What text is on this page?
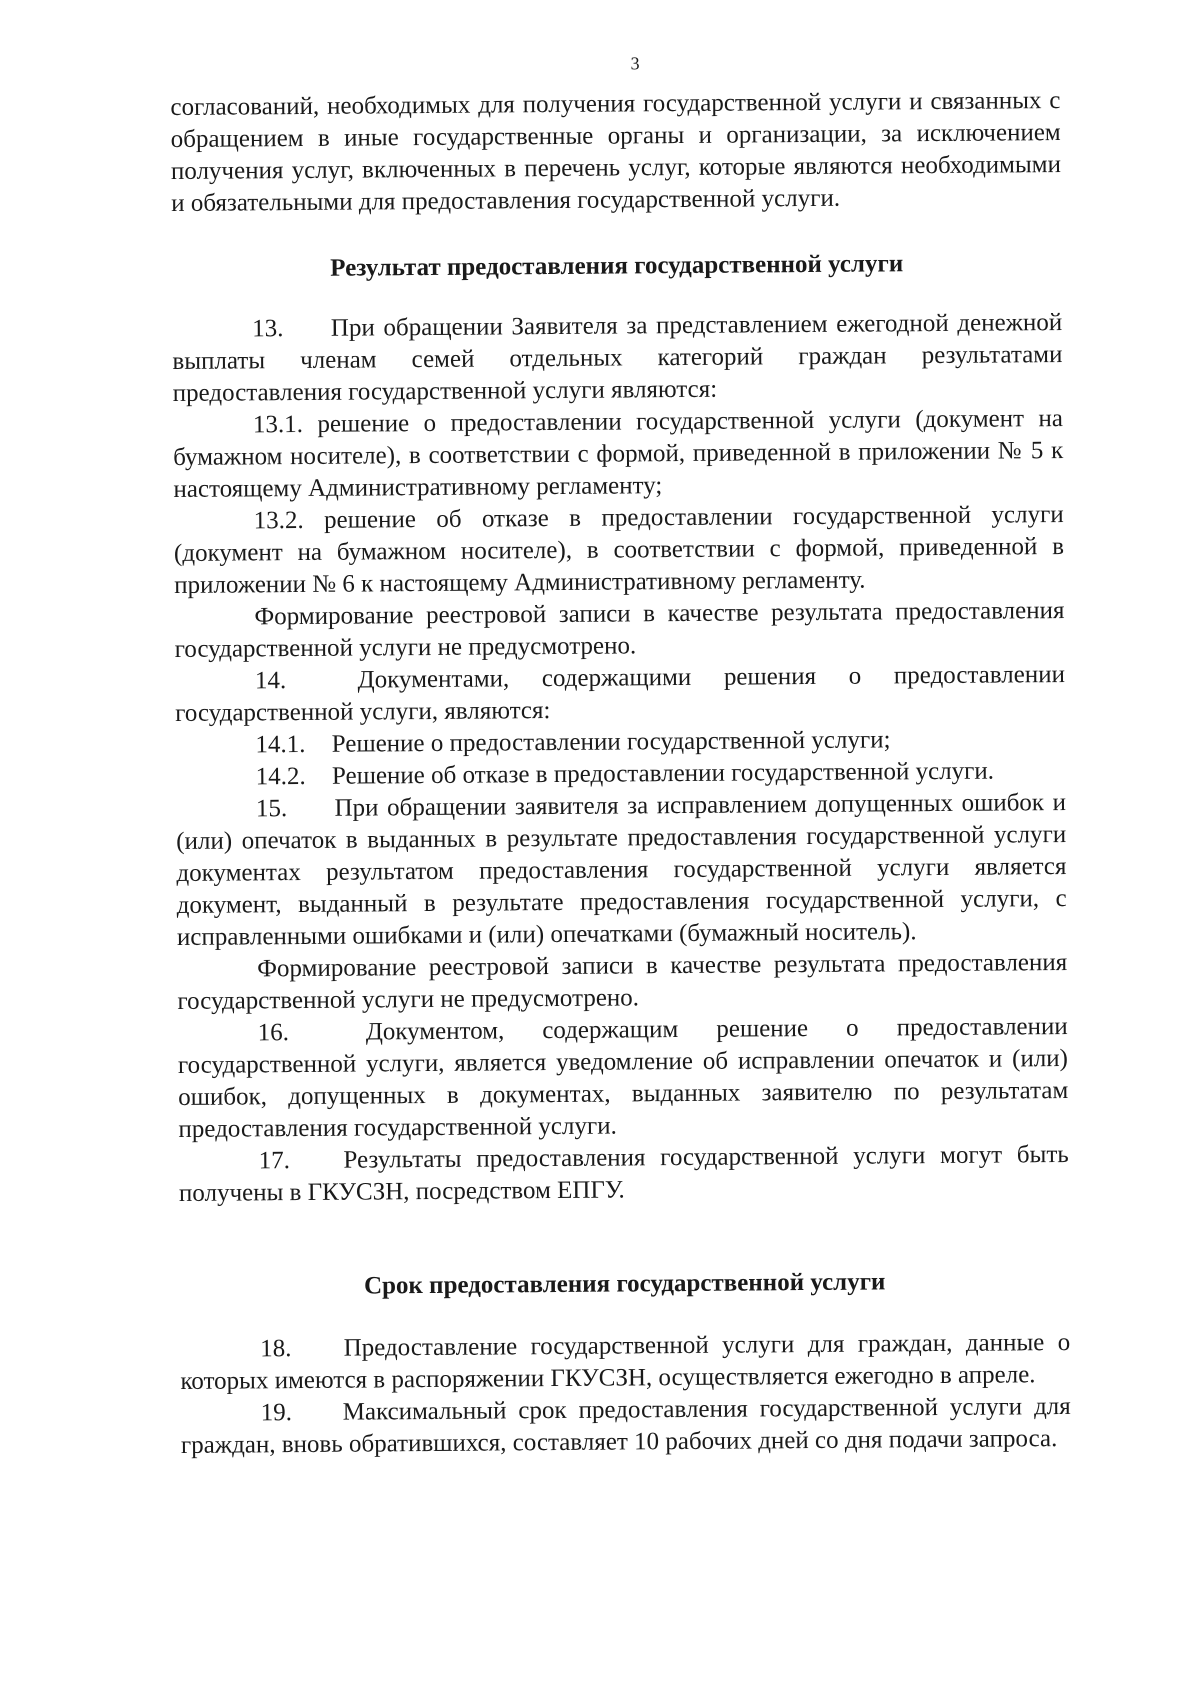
3

согласований, необходимых для получения государственной услуги и связанных с обращением в иные государственные органы и организации, за исключением получения услуг, включенных в перечень услуг, которые являются необходимыми и обязательными для предоставления государственной услуги.

Результат предоставления государственной услуги

13. При обращении Заявителя за представлением ежегодной денежной выплаты членам семей отдельных категорий граждан результатами предоставления государственной услуги являются:

13.1. решение о предоставлении государственной услуги (документ на бумажном носителе), в соответствии с формой, приведенной в приложении № 5 к настоящему Административному регламенту;

13.2. решение об отказе в предоставлении государственной услуги (документ на бумажном носителе), в соответствии с формой, приведенной в приложении № 6 к настоящему Административному регламенту.

Формирование реестровой записи в качестве результата предоставления государственной услуги не предусмотрено.

14.	Документами, содержащими решения о предоставлении государственной услуги, являются:

14.1. Решение о предоставлении государственной услуги;

14.2. Решение об отказе в предоставлении государственной услуги.

15. При обращении заявителя за исправлением допущенных ошибок и (или) опечаток в выданных в результате предоставления государственной услуги документах результатом предоставления государственной услуги является документ, выданный в результате предоставления государственной услуги, с исправленными ошибками и (или) опечатками (бумажный носитель).

Формирование реестровой записи в качестве результата предоставления государственной услуги не предусмотрено.

16.	Документом, содержащим решение о предоставлении государственной услуги, является уведомление об исправлении опечаток и (или) ошибок, допущенных в документах, выданных заявителю по результатам предоставления государственной услуги.

17. Результаты предоставления государственной услуги могут быть получены в ГКУСЗН, посредством ЕПГУ.

Срок предоставления государственной услуги

18. Предоставление государственной услуги для граждан, данные о которых имеются в распоряжении ГКУСЗН, осуществляется ежегодно в апреле.

19. Максимальный срок предоставления государственной услуги для граждан, вновь обратившихся, составляет 10 рабочих дней со дня подачи запроса.
